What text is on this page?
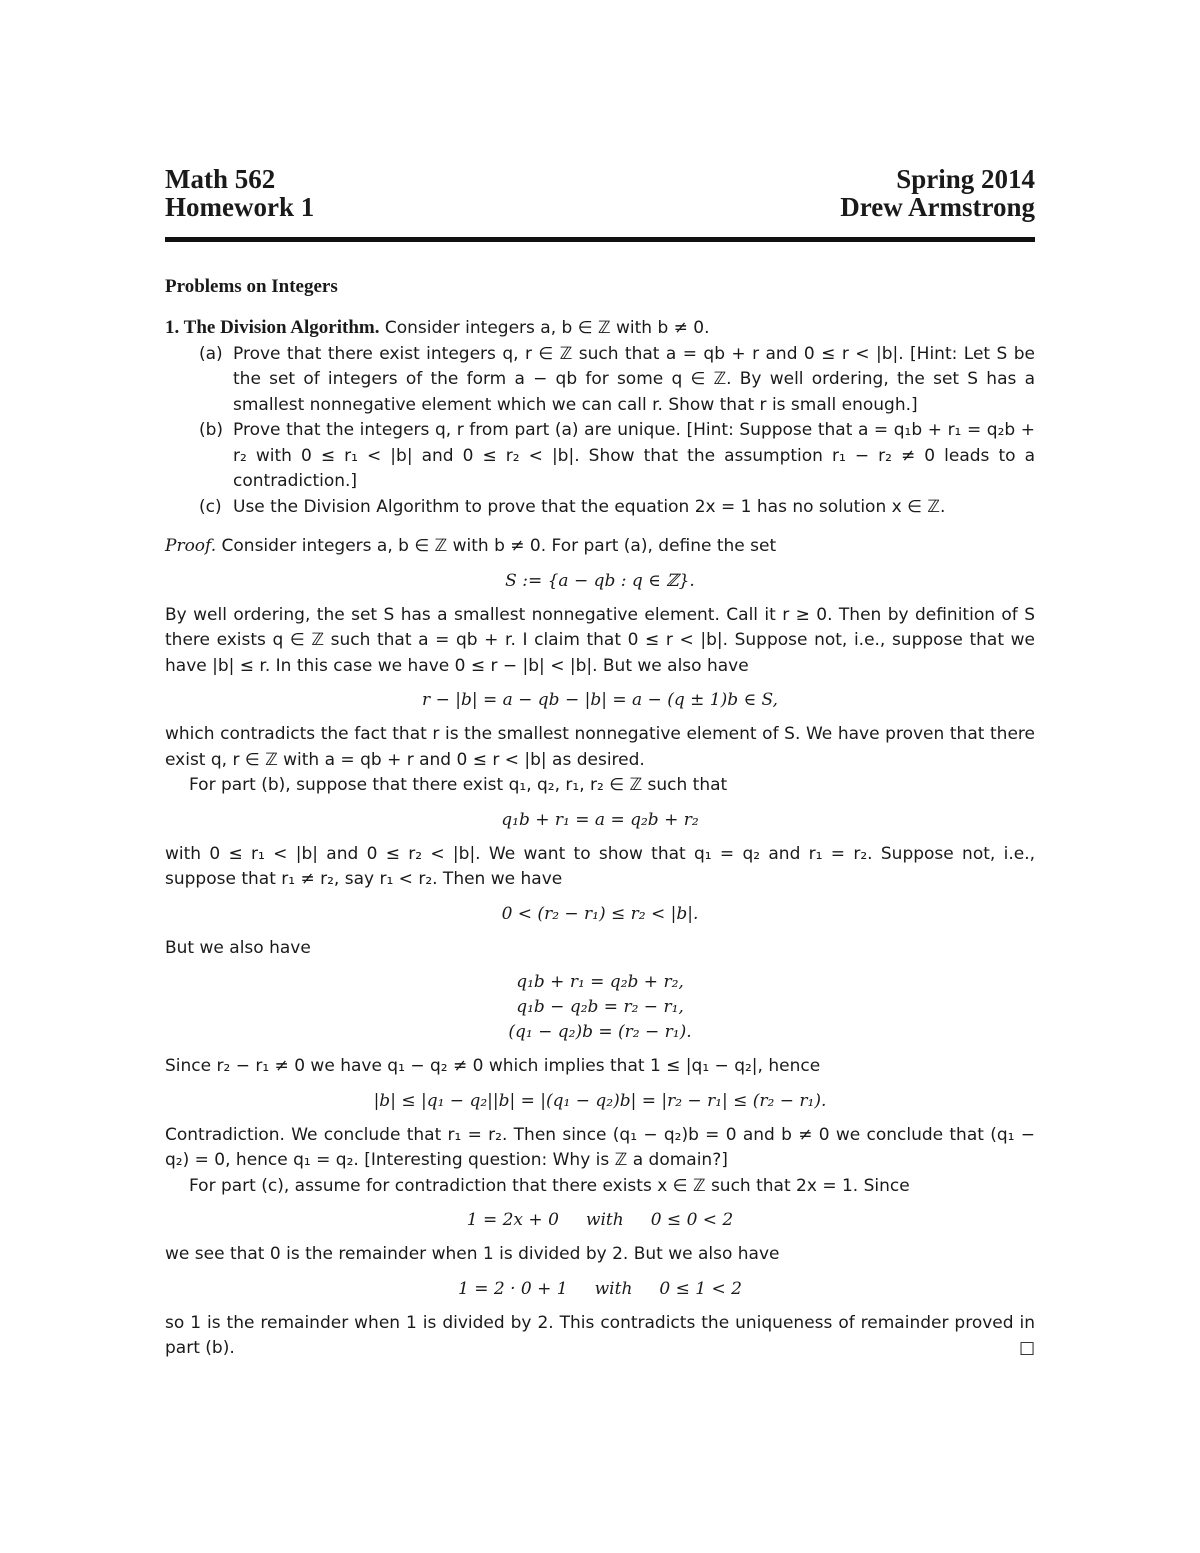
Math 562
Homework 1
Spring 2014
Drew Armstrong
Problems on Integers
1. The Division Algorithm. Consider integers a, b ∈ ℤ with b ≠ 0.
(a) Prove that there exist integers q, r ∈ ℤ such that a = qb + r and 0 ≤ r < |b|. [Hint: Let S be the set of integers of the form a − qb for some q ∈ ℤ. By well ordering, the set S has a smallest nonnegative element which we can call r. Show that r is small enough.]
(b) Prove that the integers q, r from part (a) are unique. [Hint: Suppose that a = q₁b + r₁ = q₂b + r₂ with 0 ≤ r₁ < |b| and 0 ≤ r₂ < |b|. Show that the assumption r₁ − r₂ ≠ 0 leads to a contradiction.]
(c) Use the Division Algorithm to prove that the equation 2x = 1 has no solution x ∈ ℤ.
Proof. Consider integers a, b ∈ ℤ with b ≠ 0. For part (a), define the set
S := {a − qb : q ∈ ℤ}.
By well ordering, the set S has a smallest nonnegative element. Call it r ≥ 0. Then by definition of S there exists q ∈ ℤ such that a = qb + r. I claim that 0 ≤ r < |b|. Suppose not, i.e., suppose that we have |b| ≤ r. In this case we have 0 ≤ r − |b| < |b|. But we also have
r − |b| = a − qb − |b| = a − (q ± 1)b ∈ S,
which contradicts the fact that r is the smallest nonnegative element of S. We have proven that there exist q, r ∈ ℤ with a = qb + r and 0 ≤ r < |b| as desired.
For part (b), suppose that there exist q₁, q₂, r₁, r₂ ∈ ℤ such that
q₁b + r₁ = a = q₂b + r₂
with 0 ≤ r₁ < |b| and 0 ≤ r₂ < |b|. We want to show that q₁ = q₂ and r₁ = r₂. Suppose not, i.e., suppose that r₁ ≠ r₂, say r₁ < r₂. Then we have
0 < (r₂ − r₁) ≤ r₂ < |b|.
But we also have
q₁b + r₁ = q₂b + r₂,
q₁b − q₂b = r₂ − r₁,
(q₁ − q₂)b = (r₂ − r₁).
Since r₂ − r₁ ≠ 0 we have q₁ − q₂ ≠ 0 which implies that 1 ≤ |q₁ − q₂|, hence
|b| ≤ |q₁ − q₂||b| = |(q₁ − q₂)b| = |r₂ − r₁| ≤ (r₂ − r₁).
Contradiction. We conclude that r₁ = r₂. Then since (q₁ − q₂)b = 0 and b ≠ 0 we conclude that (q₁ − q₂) = 0, hence q₁ = q₂. [Interesting question: Why is ℤ a domain?]
For part (c), assume for contradiction that there exists x ∈ ℤ such that 2x = 1. Since
1 = 2x + 0     with     0 ≤ 0 < 2
we see that 0 is the remainder when 1 is divided by 2. But we also have
1 = 2 · 0 + 1     with     0 ≤ 1 < 2
so 1 is the remainder when 1 is divided by 2. This contradicts the uniqueness of remainder proved in part (b).	□
